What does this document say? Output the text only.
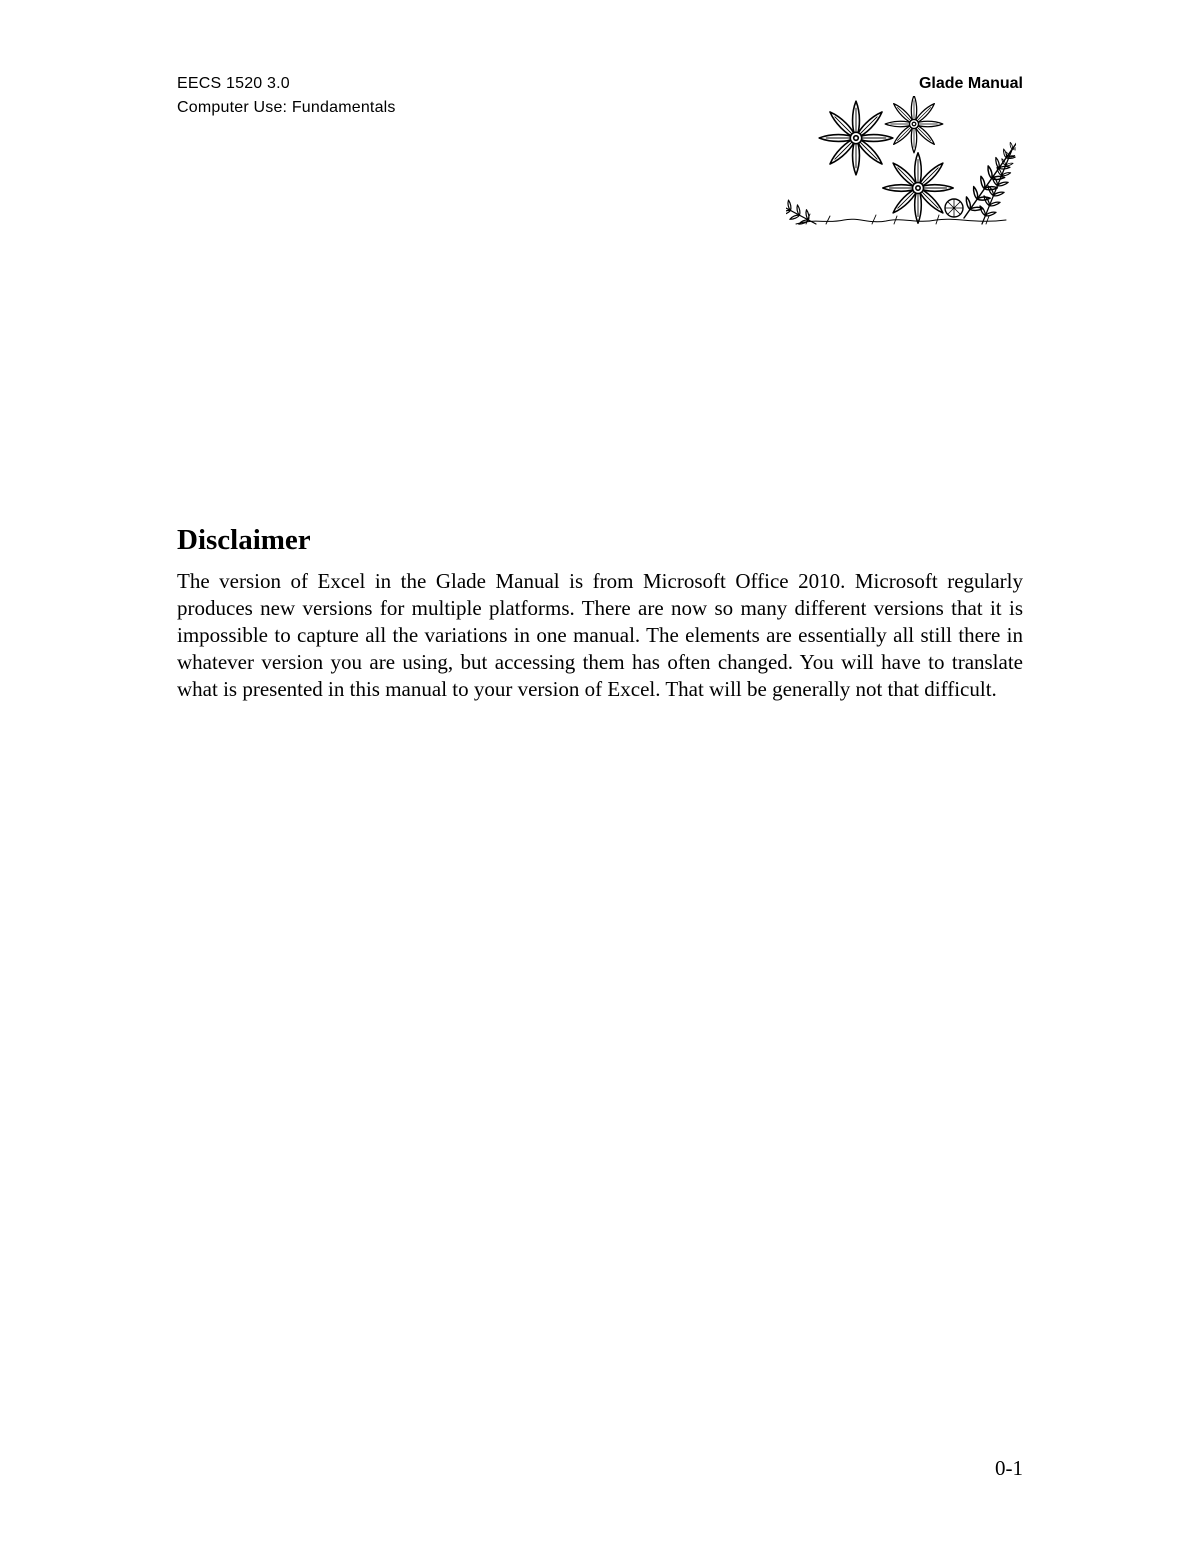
EECS 1520 3.0
Computer Use: Fundamentals
Glade Manual
Disclaimer

The version of Excel in the Glade Manual is from Microsoft Office 2010. Microsoft regularly produces new versions for multiple platforms. There are now so many different versions that it is impossible to capture all the variations in one manual. The elements are essentially all still there in whatever version you are using, but accessing them has often changed. You will have to translate what is presented in this manual to your version of Excel. That will be generally not that difficult.

0-1
